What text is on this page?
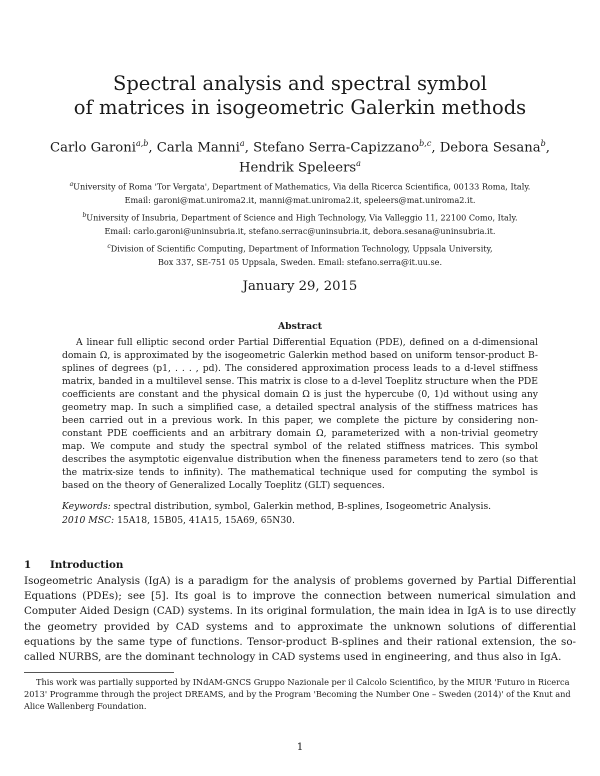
Spectral analysis and spectral symbol
of matrices in isogeometric Galerkin methods
Carlo Garoni$^{a,b}$, Carla Manni$^a$, Stefano Serra-Capizzano$^{b,c}$, Debora Sesana$^b$,
Hendrik Speleers$^a$
$^a$University of Roma 'Tor Vergata', Department of Mathematics, Via della Ricerca Scientifica, 00133 Roma, Italy.
Email: garoni@mat.uniroma2.it, manni@mat.uniroma2.it, speleers@mat.uniroma2.it.
$^b$University of Insubria, Department of Science and High Technology, Via Valleggio 11, 22100 Como, Italy.
Email: carlo.garoni@uninsubria.it, stefano.serrac@uninsubria.it, debora.sesana@uninsubria.it.
$^c$Division of Scientific Computing, Department of Information Technology, Uppsala University,
Box 337, SE-751 05 Uppsala, Sweden. Email: stefano.serra@it.uu.se.
January 29, 2015
Abstract

A linear full elliptic second order Partial Differential Equation (PDE), defined on a d-dimensional domain Ω, is approximated by the isogeometric Galerkin method based on uniform tensor-product B-splines of degrees (p1, . . . , pd). The considered approximation process leads to a d-level stiffness matrix, banded in a multilevel sense. This matrix is close to a d-level Toeplitz structure when the PDE coefficients are constant and the physical domain Ω is just the hypercube (0, 1)d without using any geometry map. In such a simplified case, a detailed spectral analysis of the stiffness matrices has been carried out in a previous work. In this paper, we complete the picture by considering non-constant PDE coefficients and an arbitrary domain Ω, parameterized with a non-trivial geometry map. We compute and study the spectral symbol of the related stiffness matrices. This symbol describes the asymptotic eigenvalue distribution when the fineness parameters tend to zero (so that the matrix-size tends to infinity). The mathematical technique used for computing the symbol is based on the theory of Generalized Locally Toeplitz (GLT) sequences.

Keywords: spectral distribution, symbol, Galerkin method, B-splines, Isogeometric Analysis.
2010 MSC: 15A18, 15B05, 41A15, 15A69, 65N30.
1 Introduction

Isogeometric Analysis (IgA) is a paradigm for the analysis of problems governed by Partial Differential Equations (PDEs); see [5]. Its goal is to improve the connection between numerical simulation and Computer Aided Design (CAD) systems. In its original formulation, the main idea in IgA is to use directly the geometry provided by CAD systems and to approximate the unknown solutions of differential equations by the same type of functions. Tensor-product B-splines and their rational extension, the so-called NURBS, are the dominant technology in CAD systems used in engineering, and thus also in IgA.

This work was partially supported by INdAM-GNCS Gruppo Nazionale per il Calcolo Scientifico, by the MIUR 'Futuro in Ricerca 2013' Programme through the project DREAMS, and by the Program 'Becoming the Number One – Sweden (2014)' of the Knut and Alice Wallenberg Foundation.

1
